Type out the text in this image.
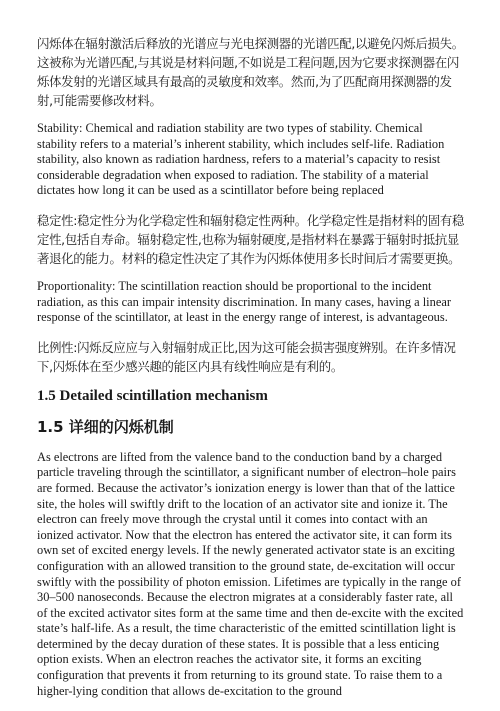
闪烁体在辐射激活后释放的光谱应与光电探测器的光谱匹配,以避免闪烁后损失。这被称为光谱匹配,与其说是材料问题,不如说是工程问题,因为它要求探测器在闪烁体发射的光谱区域具有最高的灵敏度和效率。然而,为了匹配商用探测器的发射,可能需要修改材料。

Stability: Chemical and radiation stability are two types of stability. Chemical stability refers to a material’s inherent stability, which includes self-life. Radiation stability, also known as radiation hardness, refers to a material’s capacity to resist considerable degradation when exposed to radiation. The stability of a material dictates how long it can be used as a scintillator before being replaced

稳定性:稳定性分为化学稳定性和辐射稳定性两种。化学稳定性是指材料的固有稳定性,包括自寿命。辐射稳定性,也称为辐射硬度,是指材料在暴露于辐射时抵抗显著退化的能力。材料的稳定性决定了其作为闪烁体使用多长时间后才需要更换。

Proportionality: The scintillation reaction should be proportional to the incident radiation, as this can impair intensity discrimination. In many cases, having a linear response of the scintillator, at least in the energy range of interest, is advantageous.

比例性:闪烁反应应与入射辐射成正比,因为这可能会损害强度辨别。在许多情况下,闪烁体在至少感兴趣的能区内具有线性响应是有利的。

1.5 Detailed scintillation mechanism
1.5 详细的闪烁机制

As electrons are lifted from the valence band to the conduction band by a charged particle traveling through the scintillator, a significant number of electron–hole pairs are formed. Because the activator’s ionization energy is lower than that of the lattice site, the holes will swiftly drift to the location of an activator site and ionize it. The electron can freely move through the crystal until it comes into contact with an ionized activator. Now that the electron has entered the activator site, it can form its own set of excited energy levels. If the newly generated activator state is an exciting configuration with an allowed transition to the ground state, de-excitation will occur swiftly with the possibility of photon emission. Lifetimes are typically in the range of 30–500 nanoseconds. Because the electron migrates at a considerably faster rate, all of the excited activator sites form at the same time and then de-excite with the excited state’s half-life. As a result, the time characteristic of the emitted scintillation light is determined by the decay duration of these states. It is possible that a less enticing option exists. When an electron reaches the activator site, it forms an exciting configuration that prevents it from returning to its ground state. To raise them to a higher-lying condition that allows de-excitation to the ground
